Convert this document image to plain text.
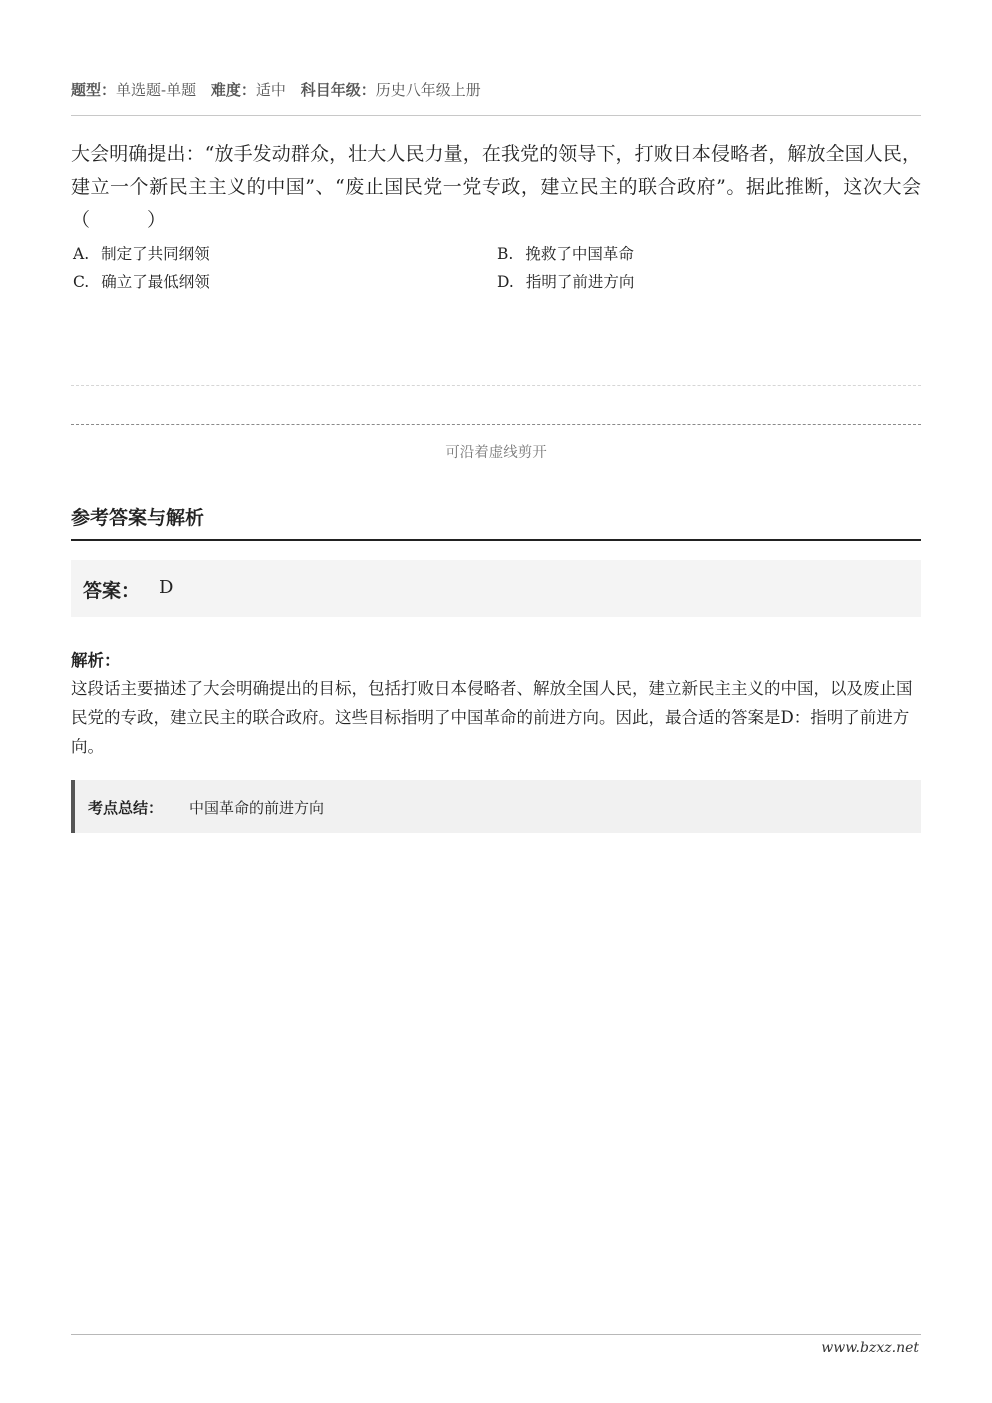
题型：单选题-单题 难度：适中 科目年级：历史八年级上册
大会明确提出：“放手发动群众，壮大人民力量，在我党的领导下，打败日本侵略者，解放全国人民，建立一个新民主主义的中国”、“废止国民党一党专政，建立民主的联合政府”。据此推断，这次大会（　　　）
A. 制定了共同纲领	B. 挽救了中国革命
C. 确立了最低纲领	D. 指明了前进方向
可沿着虚线剪开
参考答案与解析
答案： D
解析：
这段话主要描述了大会明确提出的目标，包括打败日本侵略者、解放全国人民，建立新民主主义的中国，以及废止国民党的专政，建立民主的联合政府。这些目标指明了中国革命的前进方向。因此，最合适的答案是D：指明了前进方向。
考点总结： 中国革命的前进方向
www.bzxz.net
